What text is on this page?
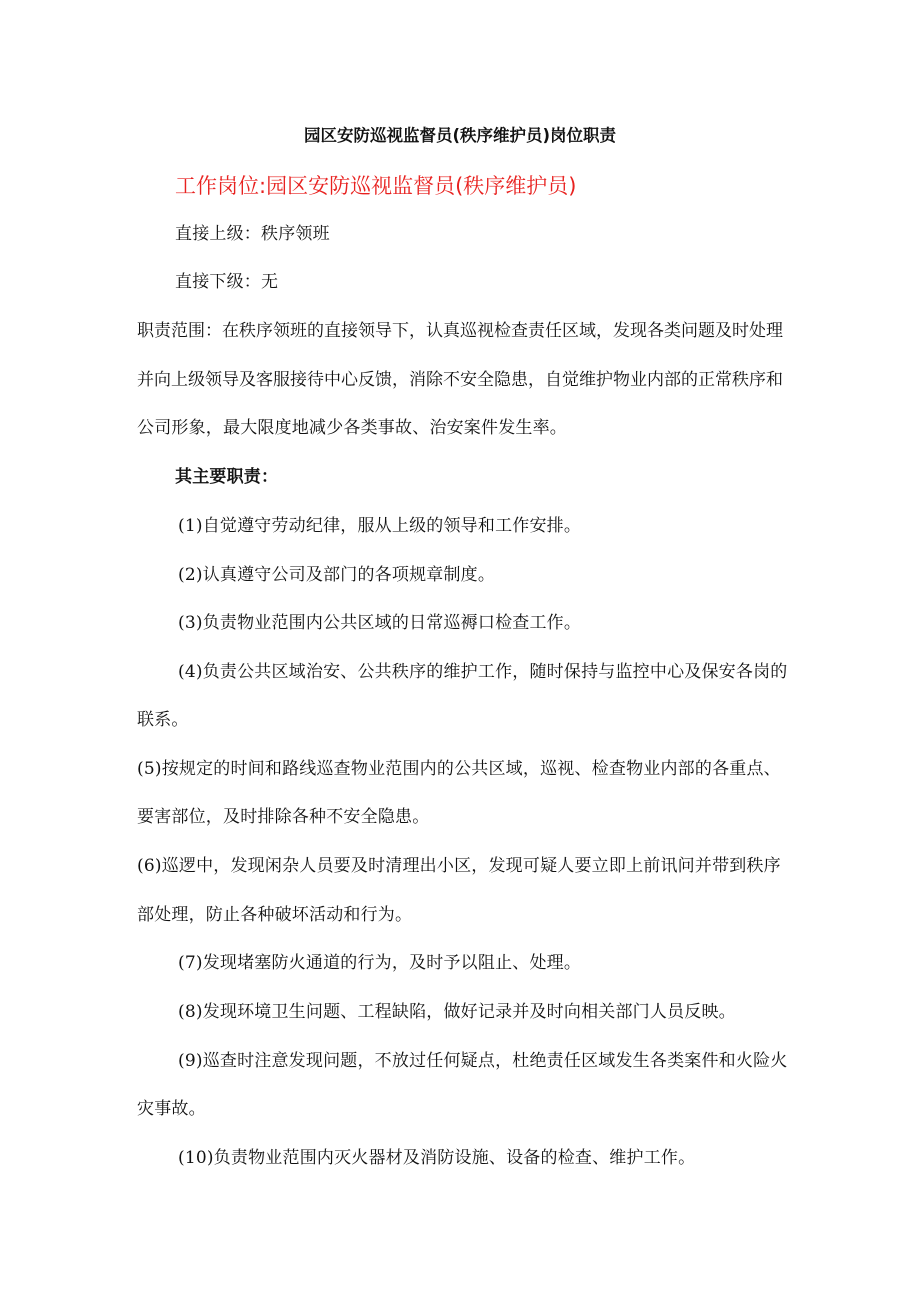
园区安防巡视监督员(秩序维护员)岗位职责
工作岗位:园区安防巡视监督员(秩序维护员)
直接上级：秩序领班
直接下级：无
职责范围：在秩序领班的直接领导下，认真巡视检查责任区域，发现各类问题及时处理
并向上级领导及客服接待中心反馈，消除不安全隐患，自觉维护物业内部的正常秩序和
公司形象，最大限度地减少各类事故、治安案件发生率。
其主要职责：
(1)自觉遵守劳动纪律，服从上级的领导和工作安排。
(2)认真遵守公司及部门的各项规章制度。
(3)负责物业范围内公共区域的日常巡褥口检查工作。
(4)负责公共区域治安、公共秩序的维护工作，随时保持与监控中心及保安各岗的
联系。
(5)按规定的时间和路线巡查物业范围内的公共区域，巡视、检查物业内部的各重点、
要害部位，及时排除各种不安全隐患。
(6)巡逻中，发现闲杂人员要及时清理出小区，发现可疑人要立即上前讯问并带到秩序
部处理，防止各种破坏活动和行为。
(7)发现堵塞防火通道的行为，及时予以阻止、处理。
(8)发现环境卫生问题、工程缺陷，做好记录并及时向相关部门人员反映。
(9)巡查时注意发现问题，不放过任何疑点，杜绝责任区域发生各类案件和火险火
灾事故。
(10)负责物业范围内灭火器材及消防设施、设备的检查、维护工作。
